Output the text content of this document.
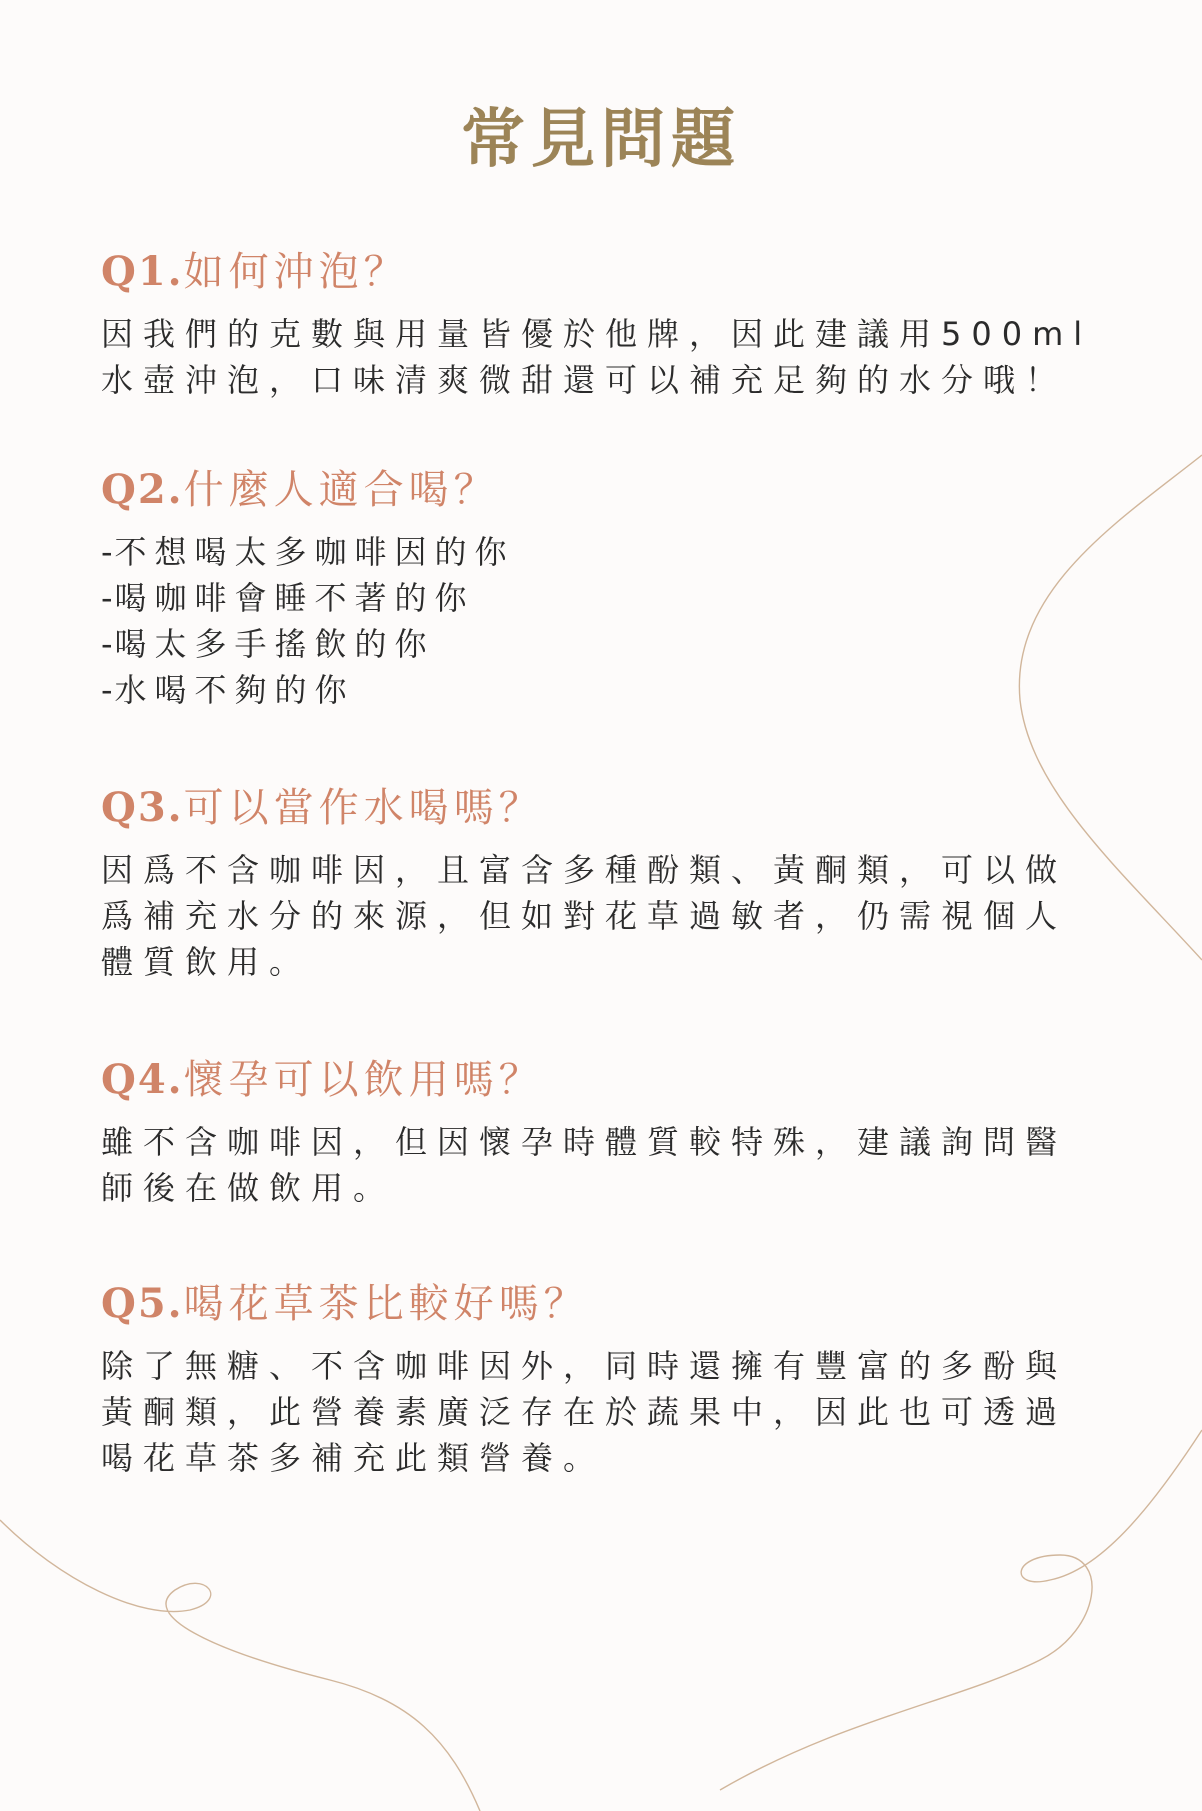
常見問題
Q1.如何沖泡？

因我們的克數與用量皆優於他牌，因此建議用500ml
水壺沖泡，口味清爽微甜還可以補充足夠的水分哦！

Q2.什麼人適合喝？
-不想喝太多咖啡因的你
-喝咖啡會睡不著的你
-喝太多手搖飲的你
-水喝不夠的你
Q3.可以當作水喝嗎？

因爲不含咖啡因，且富含多種酚類、黃酮類，可以做
爲補充水分的來源，但如對花草過敏者，仍需視個人
體質飲用。

Q4.懷孕可以飲用嗎？

雖不含咖啡因，但因懷孕時體質較特殊，建議詢問醫
師後在做飲用。

Q5.喝花草茶比較好嗎？

除了無糖、不含咖啡因外，同時還擁有豐富的多酚與
黃酮類，此營養素廣泛存在於蔬果中，因此也可透過
喝花草茶多補充此類營養。
